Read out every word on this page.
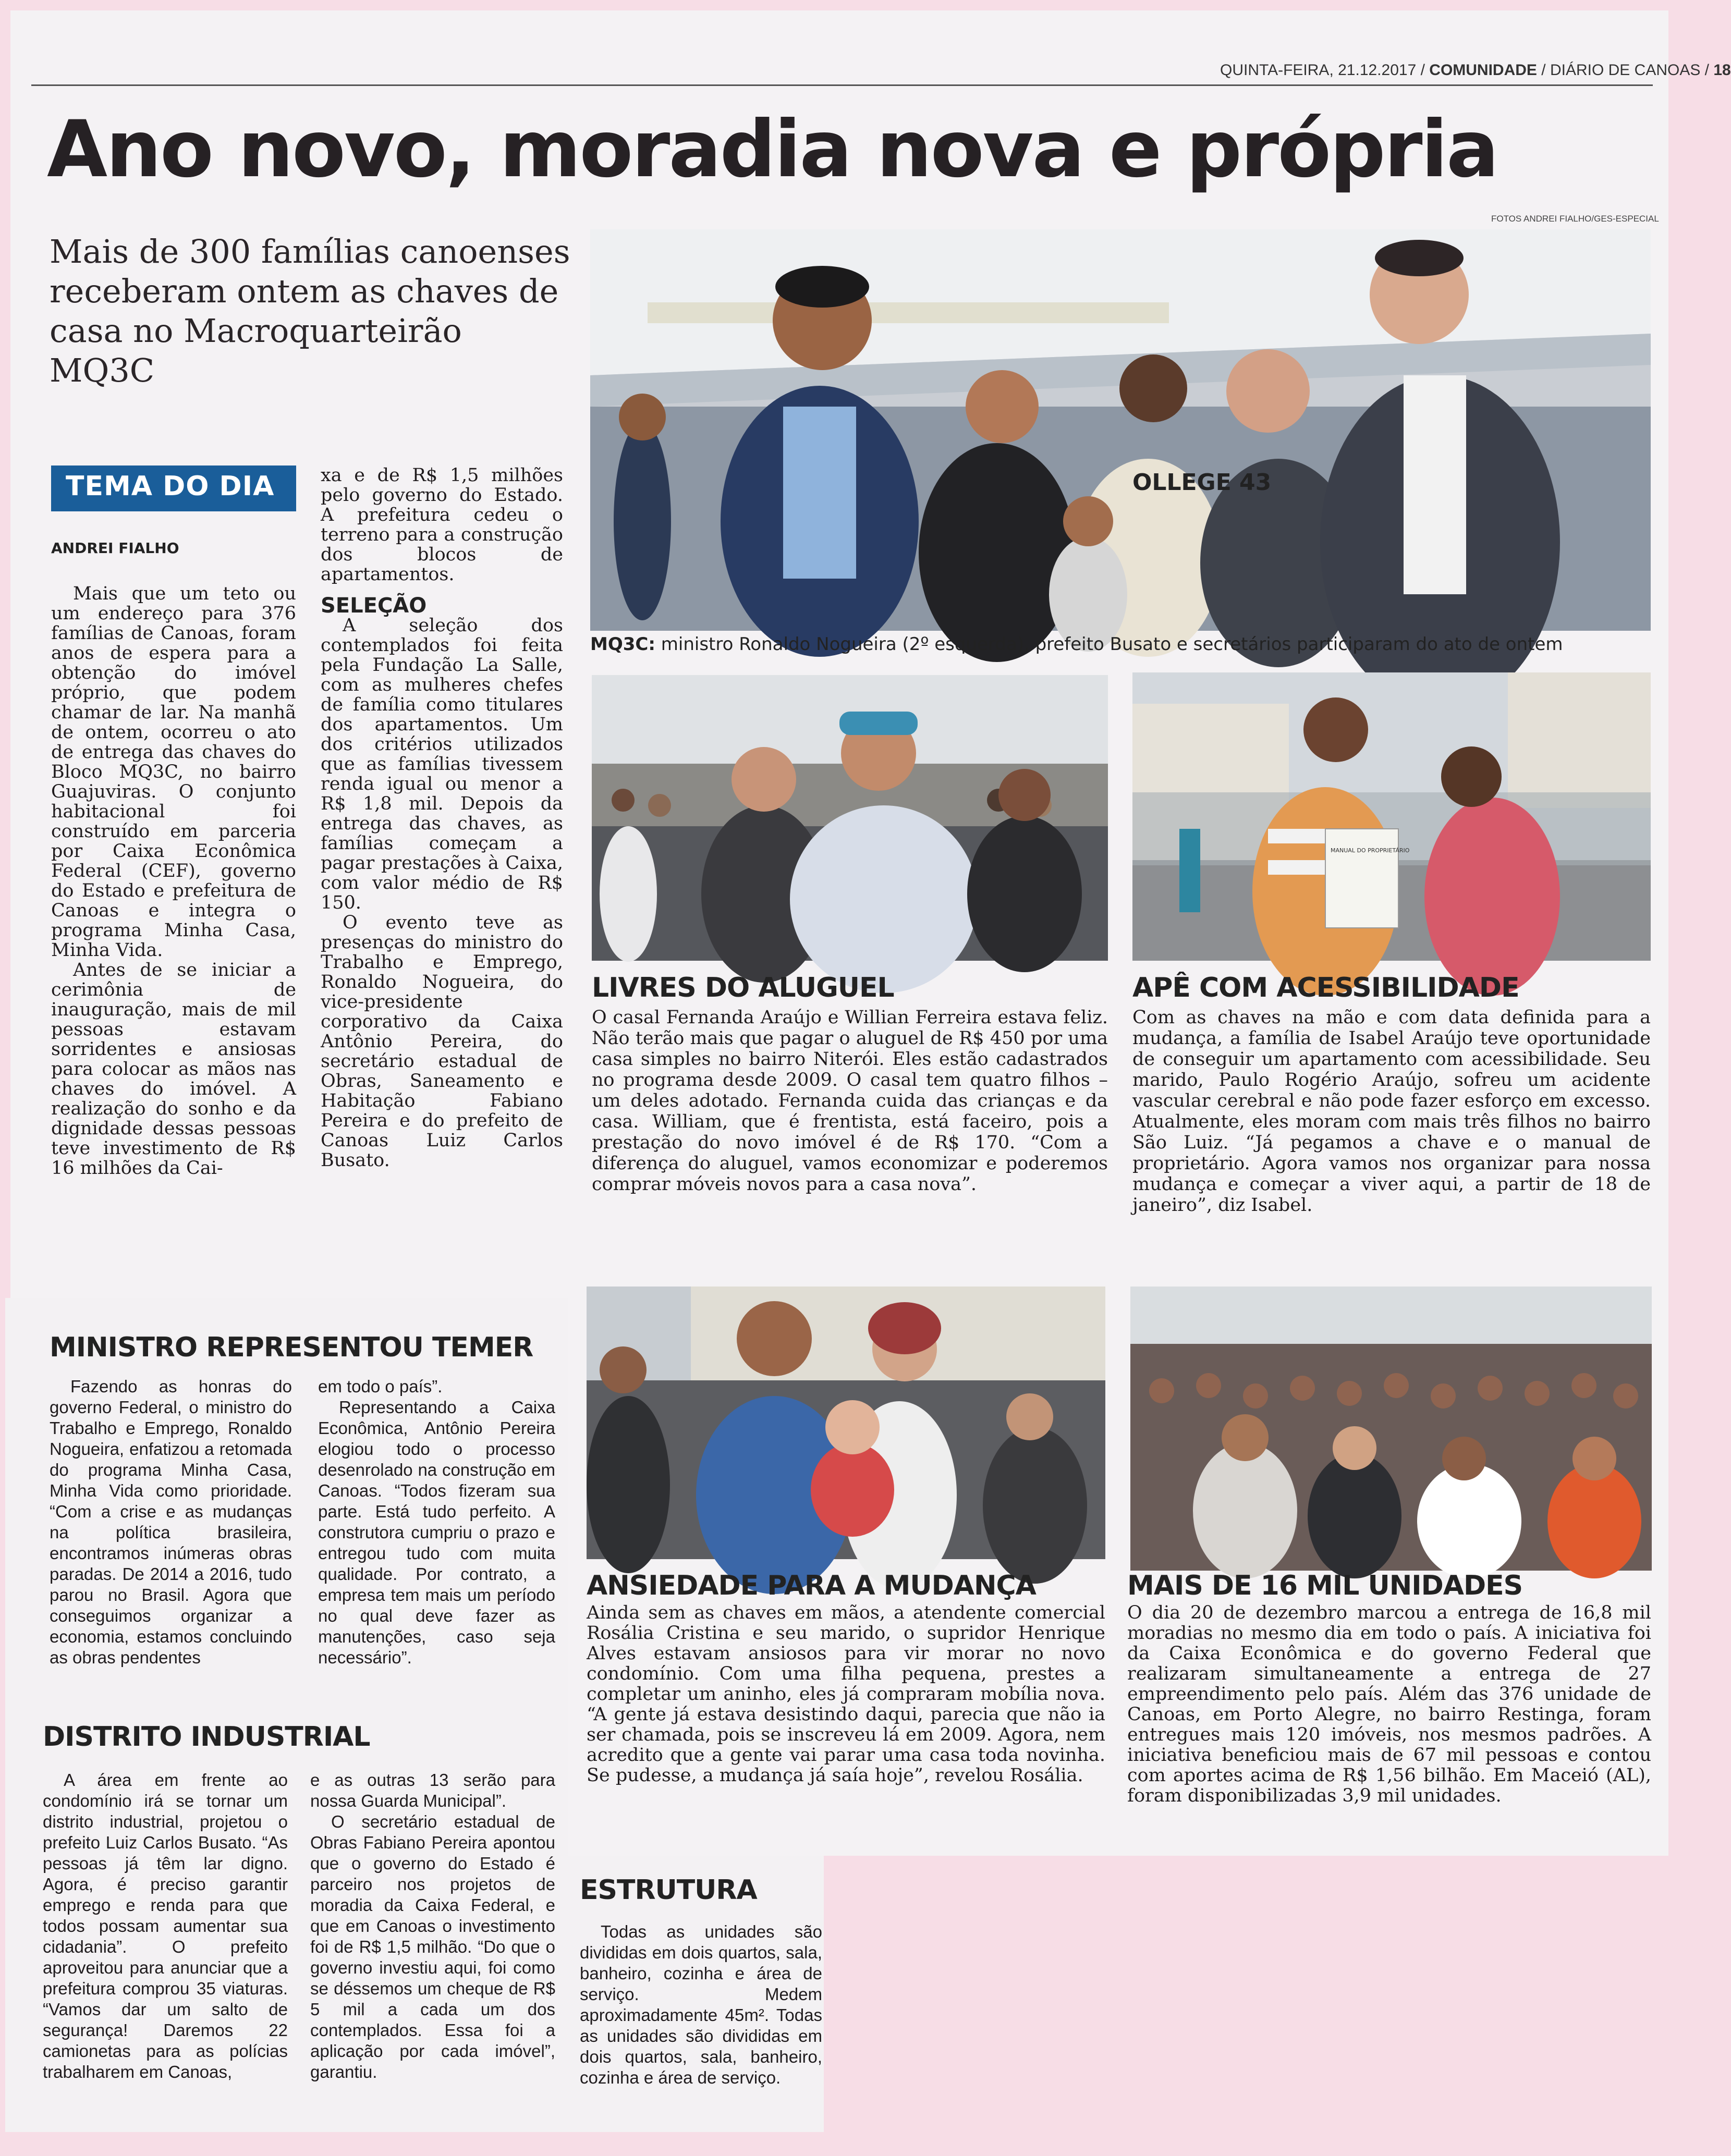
QUINTA-FEIRA, 21.12.2017 / COMUNIDADE / DIÁRIO DE CANOAS / 18
Ano novo, moradia nova e própria
FOTOS ANDREI FIALHO/GES-ESPECIAL
Mais de 300 famílias canoenses receberam ontem as chaves de casa no Macroquarteirão MQ3C
TEMA DO DIA
ANDREI FIALHO

Mais que um teto ou um endereço para 376 famílias de Canoas, foram anos de espera para a obtenção do imóvel próprio, que podem chamar de lar. Na manhã de ontem, ocorreu o ato de entrega das chaves do Bloco MQ3C, no bairro Guajuviras. O conjunto habitacional foi construído em parceria por Caixa Econômica Federal (CEF), governo do Estado e prefeitura de Canoas e integra o programa Minha Casa, Minha Vida.

Antes de se iniciar a cerimônia de inauguração, mais de mil pessoas estavam sorridentes e ansiosas para colocar as mãos nas chaves do imóvel. A realização do sonho e da dignidade dessas pessoas teve investimento de R$ 16 milhões da Cai-

xa e de R$ 1,5 milhões pelo governo do Estado. A prefeitura cedeu o terreno para a construção dos blocos de apartamentos.

SELEÇÃO

A seleção dos contemplados foi feita pela Fundação La Salle, com as mulheres chefes de família como titulares dos apartamentos. Um dos critérios utilizados que as famílias tivessem renda igual ou menor a R$ 1,8 mil. Depois da entrega das chaves, as famílias começam a pagar prestações à Caixa, com valor médio de R$ 150.

O evento teve as presenças do ministro do Trabalho e Emprego, Ronaldo Nogueira, do vice-presidente corporativo da Caixa Antônio Pereira, do secretário estadual de Obras, Saneamento e Habitação Fabiano Pereira e do prefeito de Canoas Luiz Carlos Busato.

OLLEGE 43
MQ3C: ministro Ronaldo Nogueira (2º esquerda), prefeito Busato e secretários participaram do ato de ontem
MANUAL DO PROPRIETÁRIO
LIVRES DO ALUGUEL
O casal Fernanda Araújo e Willian Ferreira estava feliz. Não terão mais que pagar o aluguel de R$ 450 por uma casa simples no bairro Niterói. Eles estão cadastrados no programa desde 2009. O casal tem quatro filhos – um deles adotado. Fernanda cuida das crianças e da casa. William, que é frentista, está faceiro, pois a prestação do novo imóvel é de R$ 170. “Com a diferença do aluguel, vamos economizar e poderemos comprar móveis novos para a casa nova”.
APÊ COM ACESSIBILIDADE
Com as chaves na mão e com data definida para a mudança, a família de Isabel Araújo teve oportunidade de conseguir um apartamento com acessibilidade. Seu marido, Paulo Rogério Araújo, sofreu um acidente vascular cerebral e não pode fazer esforço em excesso. Atualmente, eles moram com mais três filhos no bairro São Luiz. “Já pegamos a chave e o manual de proprietário. Agora vamos nos organizar para nossa mudança e começar a viver aqui, a partir de 18 de janeiro”, diz Isabel.
ANSIEDADE PARA A MUDANÇA
Ainda sem as chaves em mãos, a atendente comercial Rosália Cristina e seu marido, o supridor Henrique Alves estavam ansiosos para vir morar no novo condomínio. Com uma filha pequena, prestes a completar um aninho, eles já compraram mobília nova. “A gente já estava desistindo daqui, parecia que não ia ser chamada, pois se inscreveu lá em 2009. Agora, nem acredito que a gente vai parar uma casa toda novinha. Se pudesse, a mudança já saía hoje”, revelou Rosália.
MAIS DE 16 MIL UNIDADES
O dia 20 de dezembro marcou a entrega de 16,8 mil moradias no mesmo dia em todo o país. A iniciativa foi da Caixa Econômica e do governo Federal que realizaram simultaneamente a entrega de 27 empreendimento pelo país. Além das 376 unidade de Canoas, em Porto Alegre, no bairro Restinga, foram entregues mais 120 imóveis, nos mesmos padrões. A iniciativa beneficiou mais de 67 mil pessoas e contou com aportes acima de R$ 1,56 bilhão. Em Maceió (AL), foram disponibilizadas 3,9 mil unidades.
MINISTRO REPRESENTOU TEMER

Fazendo as honras do governo Federal, o ministro do Trabalho e Emprego, Ronaldo Nogueira, enfatizou a retomada do programa Minha Casa, Minha Vida como prioridade. “Com a crise e as mudanças na política brasileira, encontramos inúmeras obras paradas. De 2014 a 2016, tudo parou no Brasil. Agora que conseguimos organizar a economia, estamos concluindo as obras pendentes

em todo o país”.

Representando a Caixa Econômica, Antônio Pereira elogiou todo o processo desenrolado na construção em Canoas. “Todos fizeram sua parte. Está tudo perfeito. A construtora cumpriu o prazo e entregou tudo com muita qualidade. Por contrato, a empresa tem mais um período no qual deve fazer as manutenções, caso seja necessário”.

DISTRITO INDUSTRIAL

A área em frente ao condomínio irá se tornar um distrito industrial, projetou o prefeito Luiz Carlos Busato. “As pessoas já têm lar digno. Agora, é preciso garantir emprego e renda para que todos possam aumentar sua cidadania”. O prefeito aproveitou para anunciar que a prefeitura comprou 35 viaturas. “Vamos dar um salto de segurança! Daremos 22 camionetas para as polícias trabalharem em Canoas,

e as outras 13 serão para nossa Guarda Municipal”.

O secretário estadual de Obras Fabiano Pereira apontou que o governo do Estado é parceiro nos projetos de moradia da Caixa Federal, e que em Canoas o investimento foi de R$ 1,5 milhão. “Do que o governo investiu aqui, foi como se déssemos um cheque de R$ 5 mil a cada um dos contemplados. Essa foi a aplicação por cada imóvel”, garantiu.

ESTRUTURA

Todas as unidades são divididas em dois quartos, sala, banheiro, cozinha e área de serviço. Medem aproximadamente 45m². Todas as unidades são divididas em dois quartos, sala, banheiro, cozinha e área de serviço.
